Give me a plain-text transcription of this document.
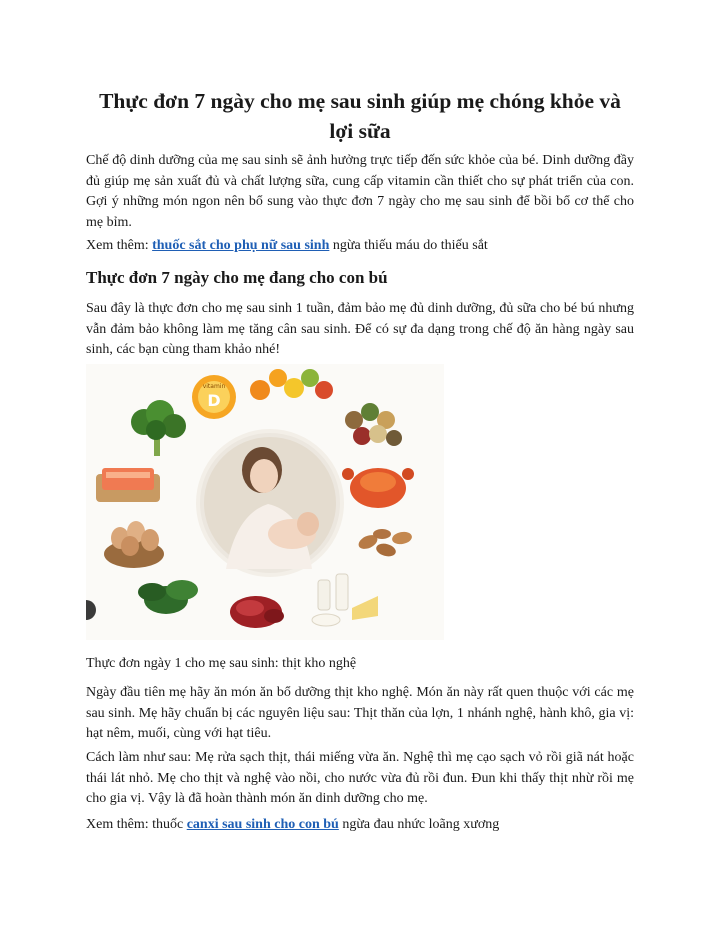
Thực đơn 7 ngày cho mẹ sau sinh giúp mẹ chóng khỏe và lợi sữa

Chế độ dinh dưỡng của mẹ sau sinh sẽ ảnh hưởng trực tiếp đến sức khỏe của bé. Dinh dưỡng đầy đủ giúp mẹ sản xuất đủ và chất lượng sữa, cung cấp vitamin cần thiết cho sự phát triển của con. Gợi ý những món ngon nên bổ sung vào thực đơn 7 ngày cho mẹ sau sinh để bồi bổ cơ thể cho mẹ bỉm.

Xem thêm: thuốc sắt cho phụ nữ sau sinh ngừa thiếu máu do thiếu sắt

Thực đơn 7 ngày cho mẹ đang cho con bú

Sau đây là thực đơn cho mẹ sau sinh 1 tuần, đảm bảo mẹ đủ dinh dưỡng, đủ sữa cho bé bú nhưng vẫn đảm bảo không làm mẹ tăng cân sau sinh. Để có sự đa dạng trong chế độ ăn hàng ngày sau sinh, các bạn cùng tham khảo nhé!

vitamin
D

Thực đơn ngày 1 cho mẹ sau sinh: thịt kho nghệ

Ngày đầu tiên mẹ hãy ăn món ăn bổ dưỡng thịt kho nghệ. Món ăn này rất quen thuộc với các mẹ sau sinh. Mẹ hãy chuẩn bị các nguyên liệu sau: Thịt thăn của lợn, 1 nhánh nghệ, hành khô, gia vị: hạt nêm, muối, cùng với hạt tiêu.

Cách làm như sau: Mẹ rửa sạch thịt, thái miếng vừa ăn. Nghệ thì mẹ cạo sạch vỏ rồi giã nát hoặc thái lát nhỏ. Mẹ cho thịt và nghệ vào nồi, cho nước vừa đủ rồi đun. Đun khi thấy thịt nhừ rồi mẹ cho gia vị. Vậy là đã hoàn thành món ăn dinh dưỡng cho mẹ.

Xem thêm: thuốc canxi sau sinh cho con bú ngừa đau nhức loãng xương
